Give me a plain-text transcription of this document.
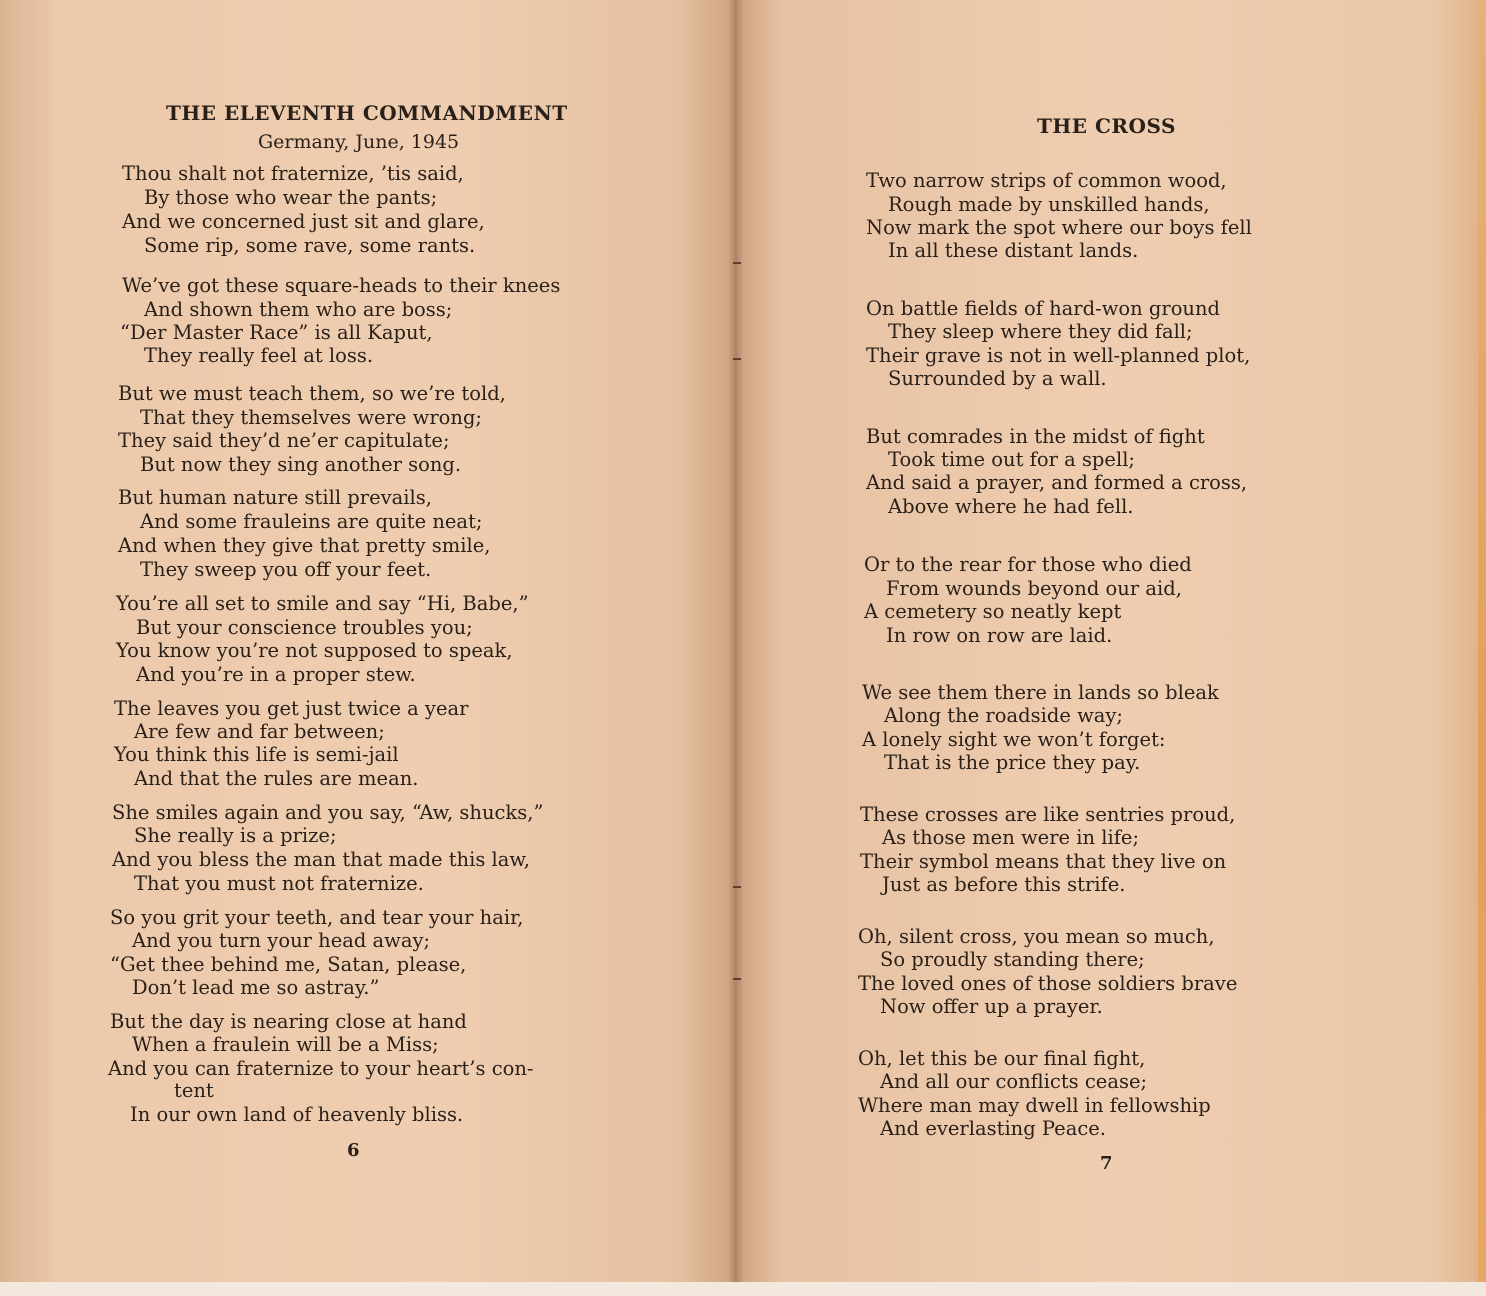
THE ELEVENTH COMMANDMENT
Germany, June, 1945
Thou shalt not fraternize, ’tis said,
By those who wear the pants;
And we concerned just sit and glare,
Some rip, some rave, some rants.
We’ve got these square-heads to their knees
And shown them who are boss;
“Der Master Race” is all Kaput,
They really feel at loss.
But we must teach them, so we’re told,
That they themselves were wrong;
They said they’d ne’er capitulate;
But now they sing another song.
But human nature still prevails,
And some frauleins are quite neat;
And when they give that pretty smile,
They sweep you off your feet.
You’re all set to smile and say “Hi, Babe,”
But your conscience troubles you;
You know you’re not supposed to speak,
And you’re in a proper stew.
The leaves you get just twice a year
Are few and far between;
You think this life is semi-jail
And that the rules are mean.
She smiles again and you say, “Aw, shucks,”
She really is a prize;
And you bless the man that made this law,
That you must not fraternize.
So you grit your teeth, and tear your hair,
And you turn your head away;
“Get thee behind me, Satan, please,
Don’t lead me so astray.”
But the day is nearing close at hand
When a fraulein will be a Miss;
And you can fraternize to your heart’s con-
tent
In our own land of heavenly bliss.
6
THE CROSS
Two narrow strips of common wood,
Rough made by unskilled hands,
Now mark the spot where our boys fell
In all these distant lands.
On battle fields of hard-won ground
They sleep where they did fall;
Their grave is not in well-planned plot,
Surrounded by a wall.
But comrades in the midst of fight
Took time out for a spell;
And said a prayer, and formed a cross,
Above where he had fell.
Or to the rear for those who died
From wounds beyond our aid,
A cemetery so neatly kept
In row on row are laid.
We see them there in lands so bleak
Along the roadside way;
A lonely sight we won’t forget:
That is the price they pay.
These crosses are like sentries proud,
As those men were in life;
Their symbol means that they live on
Just as before this strife.
Oh, silent cross, you mean so much,
So proudly standing there;
The loved ones of those soldiers brave
Now offer up a prayer.
Oh, let this be our final fight,
And all our conflicts cease;
Where man may dwell in fellowship
And everlasting Peace.
7
